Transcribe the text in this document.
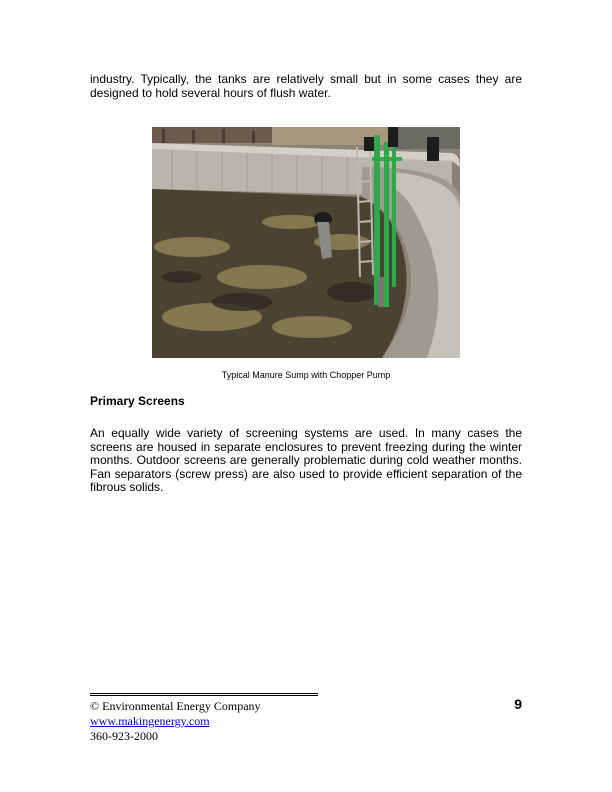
industry. Typically, the tanks are relatively small but in some cases they are designed to hold several hours of flush water.

Typical Manure Sump with Chopper Pump

Primary Screens

An equally wide variety of screening systems are used. In many cases the screens are housed in separate enclosures to prevent freezing during the winter months. Outdoor screens are generally problematic during cold weather months. Fan separators (screw press) are also used to provide efficient separation of the fibrous solids.

© Environmental Energy Company

www.makingenergy.com

360-923-2000

9
